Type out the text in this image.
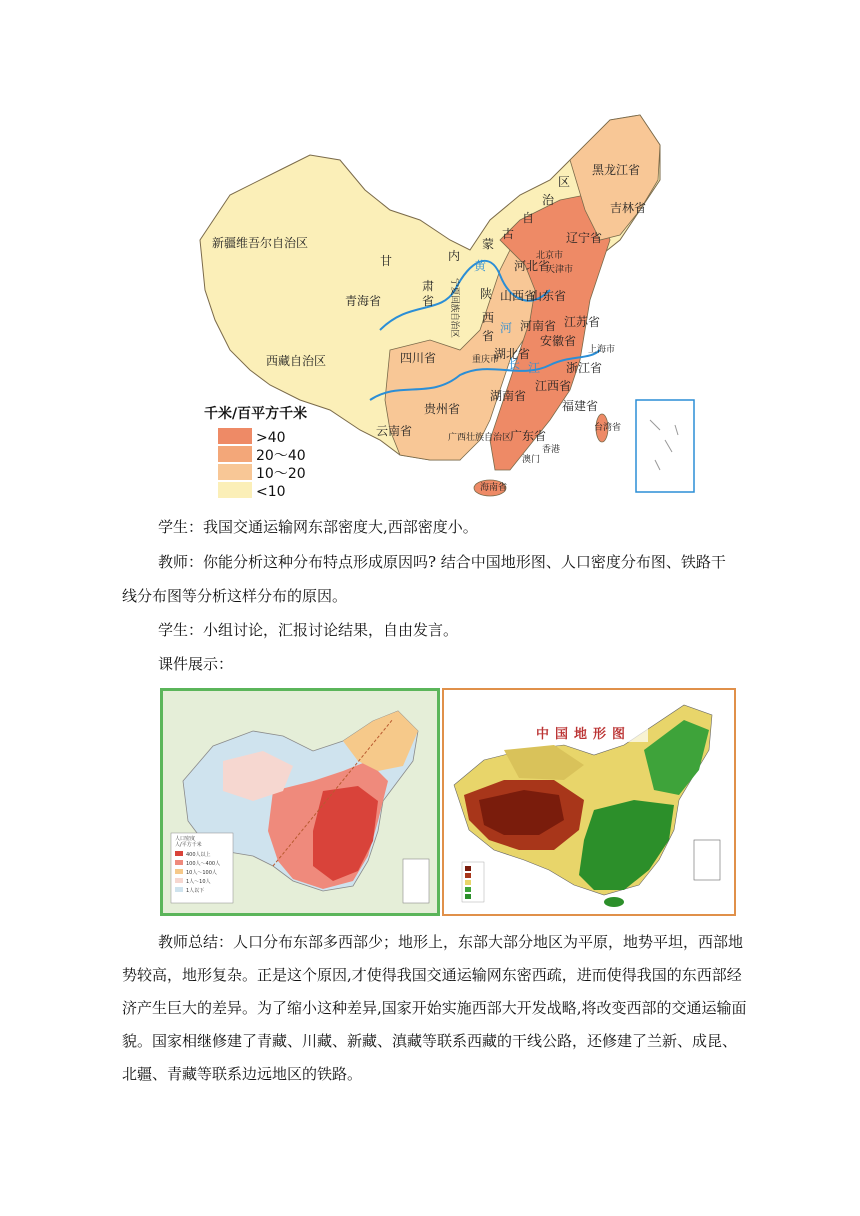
新疆维吾尔自治区
西藏自治区
青海省
甘
肃
省
内
蒙
古
自
治
区
宁夏回族自治区
陕
西
省
四川省	重庆市
云南省
贵州省
广西壮族自治区
广东省
海南省
黑龙江省
吉林省
辽宁省
北京市
天津市
河北省
山西省
山东省
河南省
湖北省
湖南省
江西省
安徽省
江苏省
上海市
浙江省
福建省
台湾省
香港
澳门
黄
河
长 江
千米/百平方千米
>40
20～40
10～20
<10
学生：我国交通运输网东部密度大,西部密度小。
教师：你能分析这种分布特点形成原因吗? 结合中国地形图、人口密度分布图、铁路干
线分布图等分析这样分布的原因。
学生：小组讨论，汇报讨论结果，自由发言。
课件展示：
人口密度
人/平方千米
400人以上
100人～400人
10人～100人
1人～10人
1人以下
中国地形图
教师总结：人口分布东部多西部少；地形上，东部大部分地区为平原，地势平坦，西部地势较高，地形复杂。正是这个原因,才使得我国交通运输网东密西疏，进而使得我国的东西部经济产生巨大的差异。为了缩小这种差异,国家开始实施西部大开发战略,将改变西部的交通运输面貌。国家相继修建了青藏、川藏、新藏、滇藏等联系西藏的干线公路，还修建了兰新、成昆、北疆、青藏等联系边远地区的铁路。
